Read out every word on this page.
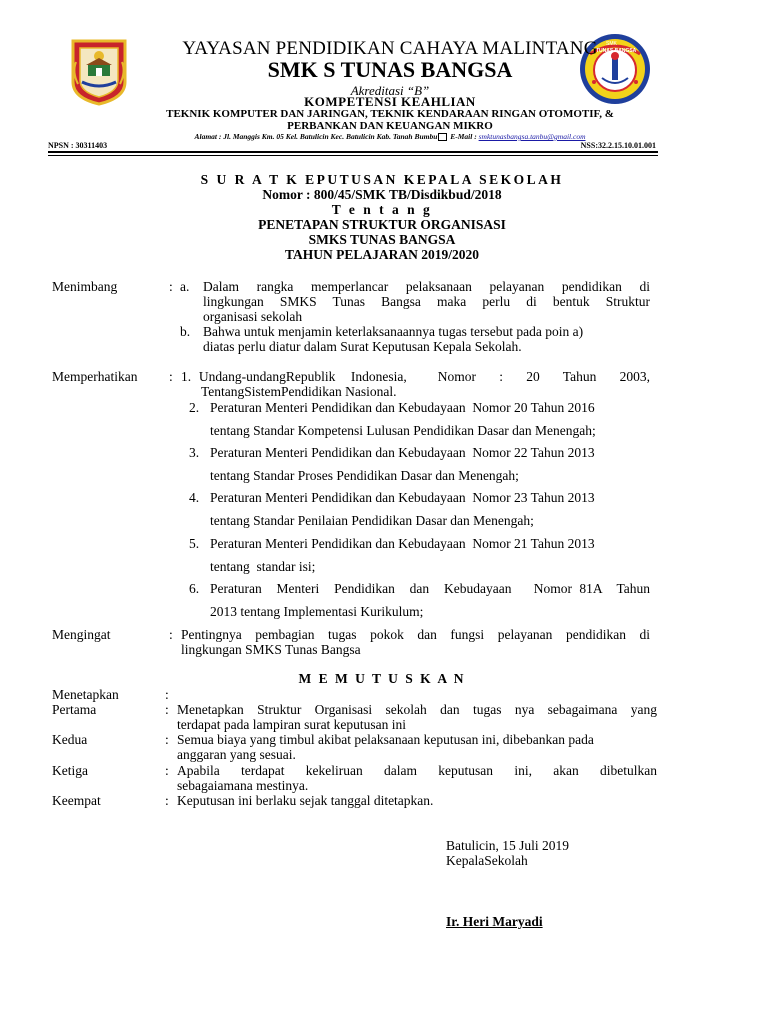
SMK
TUNAS BANGSA
YAYASAN PENDIDIKAN CAHAYA MALINTANG
SMK S TUNAS BANGSA
Akreditasi “B”
KOMPETENSI KEAHLIAN
TEKNIK KOMPUTER DAN JARINGAN, TEKNIK KENDARAAN RINGAN OTOMOTIF, &
PERBANKAN DAN KEUANGAN MIKRO
Alamat : Jl. Manggis Km. 05 Kel. Batulicin Kec. Batulicin Kab. Tanah Bumbu E-Mail : smktunasbangsa.tanbu@gmail.com
NPSN : 30311403	NSS:32.2.15.10.01.001
S U R A T K EPUTUSAN KEPALA SEKOLAH
Nomor : 800/45/SMK TB/Disdikbud/2018
T e n t a n g
PENETAPAN STRUKTUR ORGANISASI
SMKS TUNAS BANGSA
TAHUN PELAJARAN 2019/2020
Menimbang	: a. Dalam rangka memperlancar pelaksanaan pelayanan pendidikan di
lingkungan SMKS Tunas Bangsa maka perlu di bentuk Struktur
organisasi sekolah
b. Bahwa untuk menjamin keterlaksanaannya tugas tersebut pada poin a)
diatas perlu diatur dalam Surat Keputusan Kepala Sekolah.
Memperhatikan : 1. Undang-undangRepublik  Indonesia,    Nomor   :   20   Tahun   2003,
TentangSistemPendidikan Nasional.
2. Peraturan Menteri Pendidikan dan Kebudayaan  Nomor 20 Tahun 2016
tentang Standar Kompetensi Lulusan Pendidikan Dasar dan Menengah;
3. Peraturan Menteri Pendidikan dan Kebudayaan  Nomor 22 Tahun 2013
tentang Standar Proses Pendidikan Dasar dan Menengah;
4. Peraturan Menteri Pendidikan dan Kebudayaan  Nomor 23 Tahun 2013
tentang Standar Penilaian Pendidikan Dasar dan Menengah;
5. Peraturan Menteri Pendidikan dan Kebudayaan  Nomor 21 Tahun 2013
tentang  standar isi;
6. Peraturan  Menteri  Pendidikan  dan  Kebudayaan   Nomor 81A  Tahun
2013 tentang Implementasi Kurikulum;
Mengingat	: Pentingnya pembagian tugas pokok dan fungsi pelayanan pendidikan di
lingkungan SMKS Tunas Bangsa
M E M U T U S K A N
Menetapkan	:
Pertama	: Menetapkan Struktur Organisasi sekolah dan tugas nya sebagaimana yang
terdapat pada lampiran surat keputusan ini
Kedua	: Semua biaya yang timbul akibat pelaksanaan keputusan ini, dibebankan pada
anggaran yang sesuai.
Ketiga	: Apabila  terdapat  kekeliruan  dalam  keputusan  ini,  akan  dibetulkan
sebagaiamana mestinya.
Keempat	: Keputusan ini berlaku sejak tanggal ditetapkan.
Batulicin, 15 Juli 2019
KepalaSekolah
Ir. Heri Maryadi
